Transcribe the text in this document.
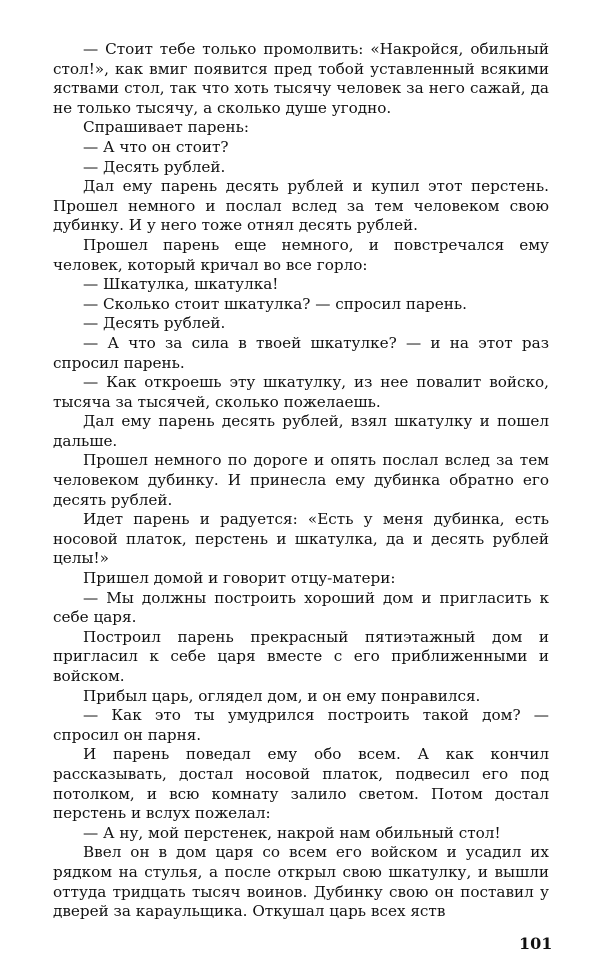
— Стоит тебе только промолвить: «Накройся, обильный стол!», как вмиг появится пред тобой уставленный всякими яствами стол, так что хоть тысячу человек за него сажай, да не только тысячу, а сколько душе угодно.

Спрашивает парень:

— А что он стоит?

— Десять рублей.

Дал ему парень десять рублей и купил этот перстень. Прошел немного и послал вслед за тем человеком свою дубинку. И у него тоже отнял десять рублей.

Прошел парень еще немного, и повстречался ему человек, который кричал во все горло:

— Шкатулка, шкатулка!

— Сколько стоит шкатулка? — спросил парень.

— Десять рублей.

— А что за сила в твоей шкатулке? — и на этот раз спросил парень.

— Как откроешь эту шкатулку, из нее повалит войско, тысяча за тысячей, сколько пожелаешь.

Дал ему парень десять рублей, взял шкатулку и пошел дальше.

Прошел немного по дороге и опять послал вслед за тем человеком дубинку. И принесла ему дубинка обратно его десять рублей.

Идет парень и радуется: «Есть у меня дубинка, есть носовой платок, перстень и шкатулка, да и десять рублей целы!»

Пришел домой и говорит отцу-матери:

— Мы должны построить хороший дом и пригласить к себе царя.

Построил парень прекрасный пятиэтажный дом и пригласил к себе царя вместе с его приближенными и войском.

Прибыл царь, оглядел дом, и он ему понравился.

— Как это ты умудрился построить такой дом? — спросил он парня.

И парень поведал ему обо всем. А как кончил рассказывать, достал носовой платок, подвесил его под потолком, и всю комнату залило светом. Потом достал перстень и вслух пожелал:

— А ну, мой перстенек, накрой нам обильный стол!

Ввел он в дом царя со всем его войском и усадил их рядком на стулья, а после открыл свою шкатулку, и вышли оттуда тридцать тысяч воинов. Дубинку свою он поставил у дверей за караульщика. Откушал царь всех яств

101
